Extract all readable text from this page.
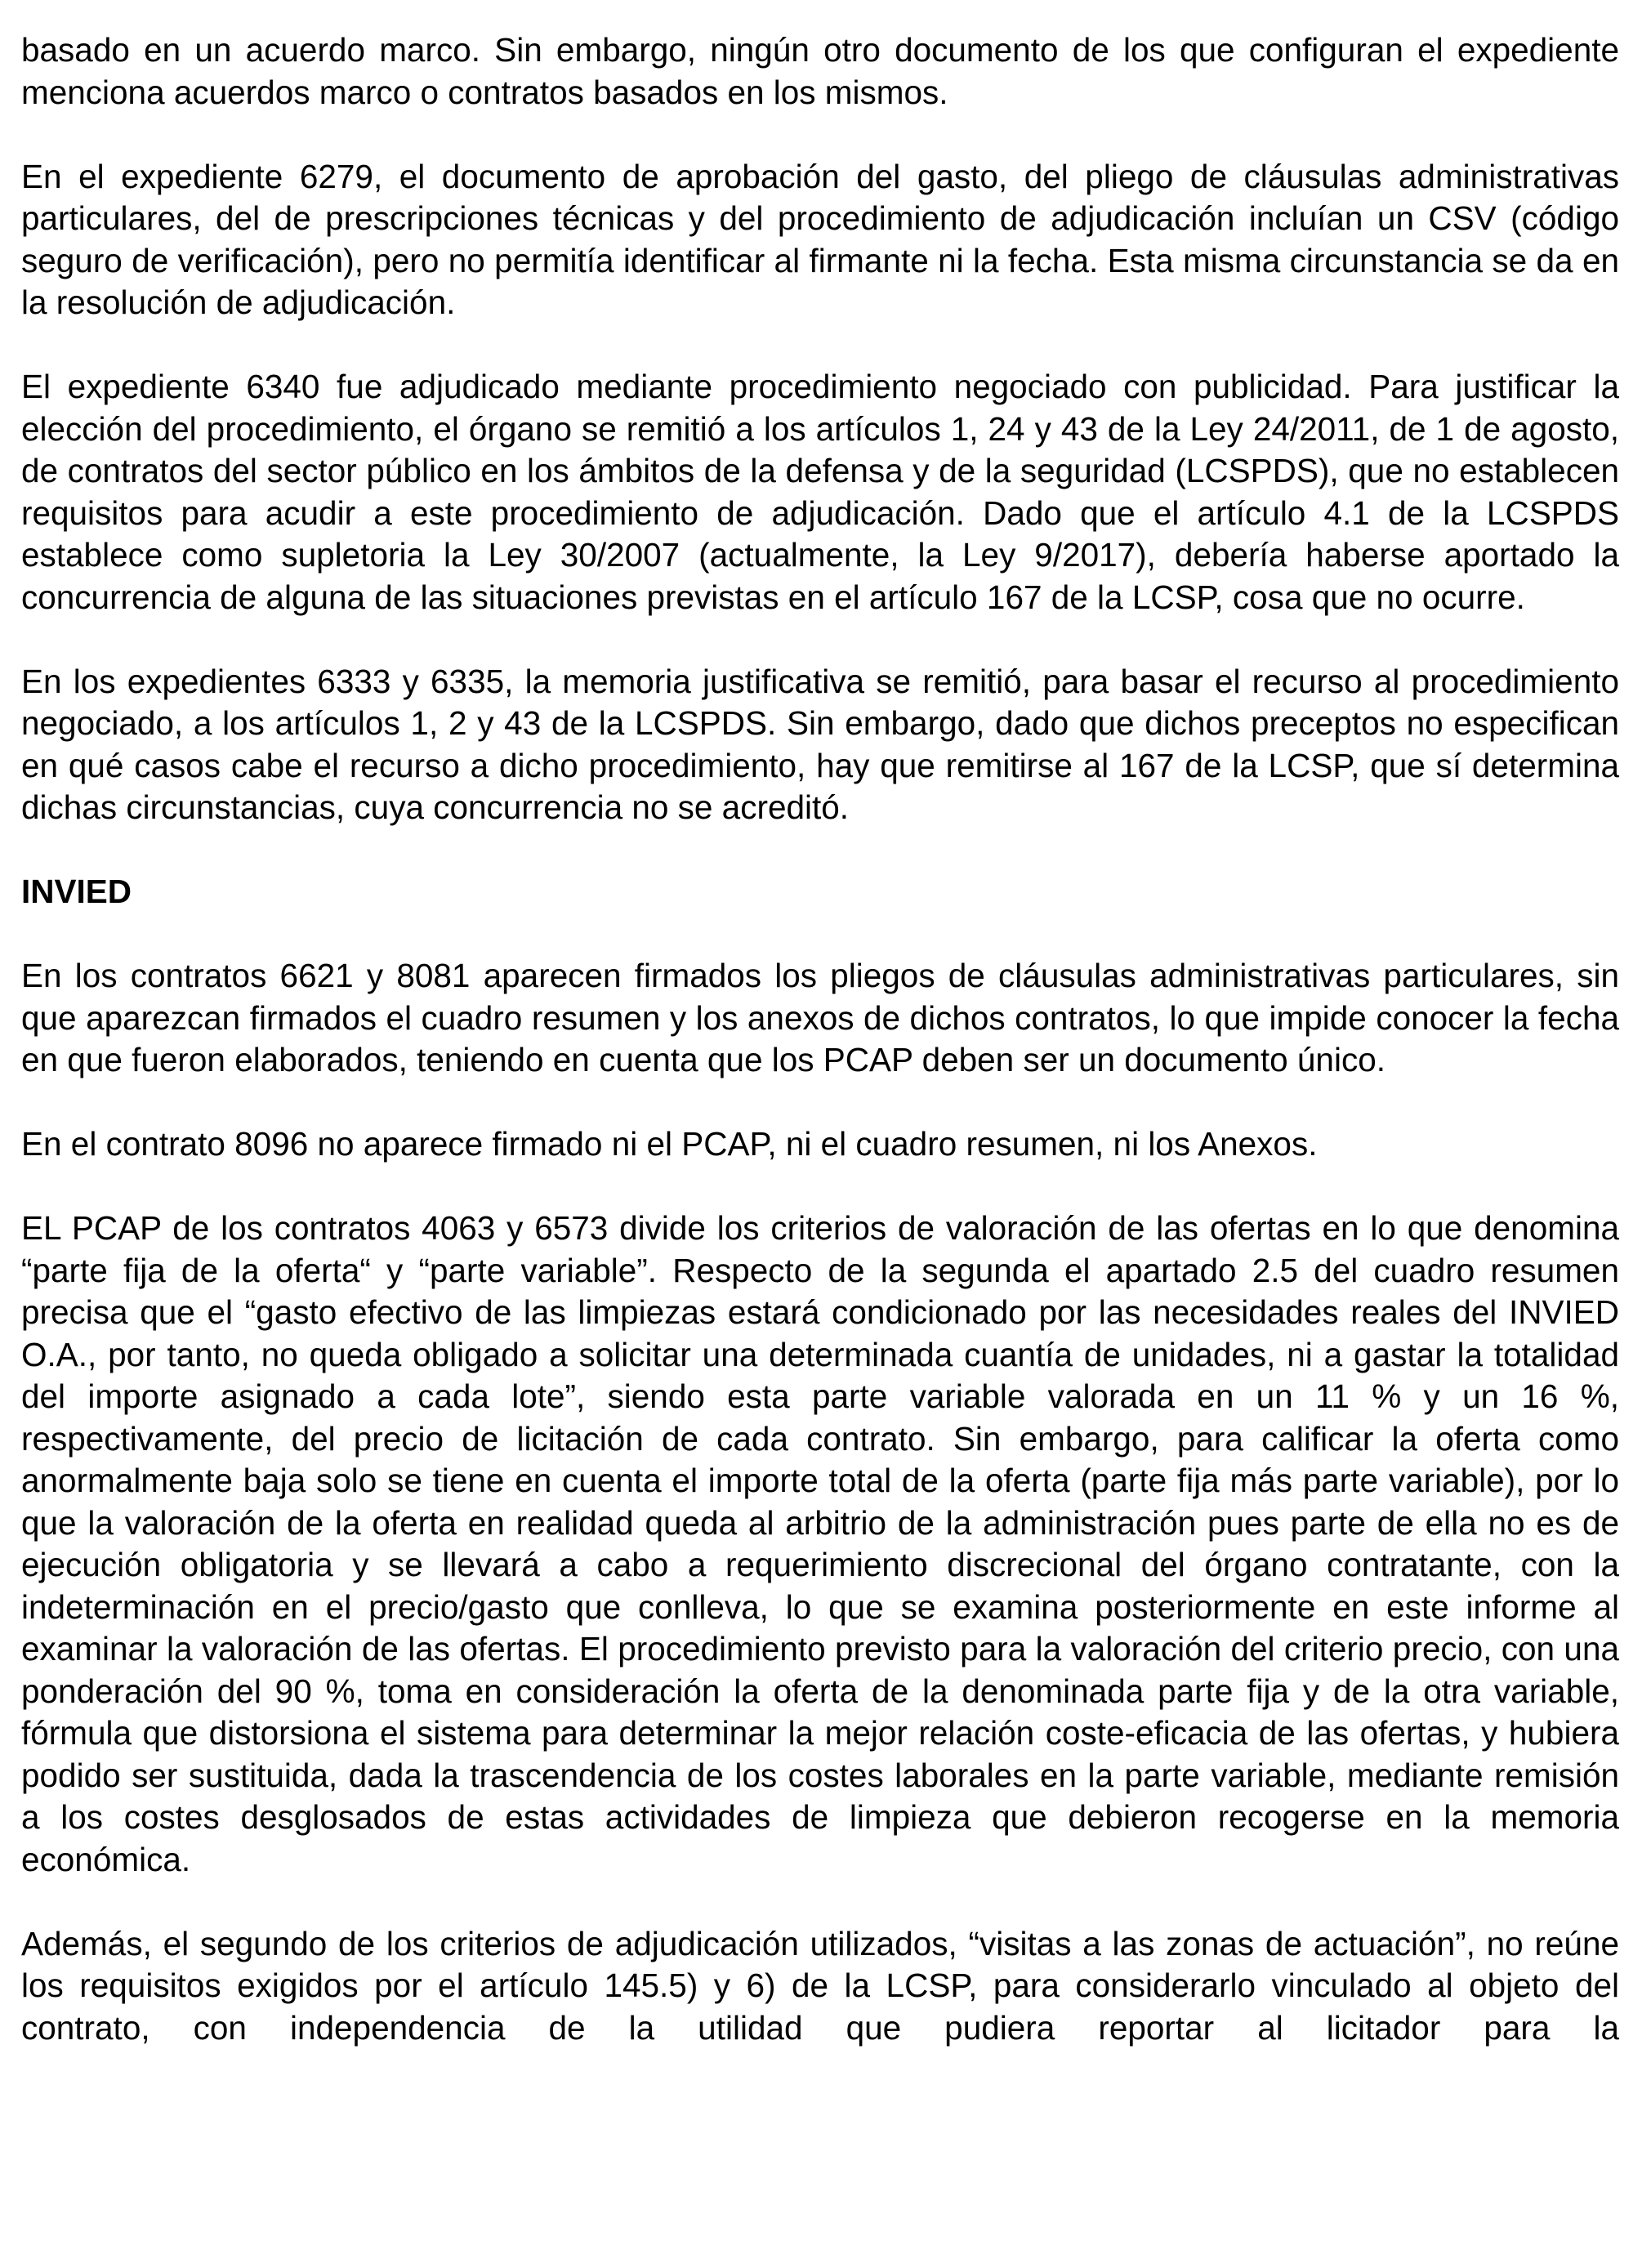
basado en un acuerdo marco. Sin embargo, ningún otro documento de los que configuran el expediente menciona acuerdos marco o contratos basados en los mismos.

En el expediente 6279, el documento de aprobación del gasto, del pliego de cláusulas administrativas particulares, del de prescripciones técnicas y del procedimiento de adjudicación incluían un CSV (código seguro de verificación), pero no permitía identificar al firmante ni la fecha. Esta misma circunstancia se da en la resolución de adjudicación.

El expediente 6340 fue adjudicado mediante procedimiento negociado con publicidad. Para justificar la elección del procedimiento, el órgano se remitió a los artículos 1, 24 y 43 de la Ley 24/2011, de 1 de agosto, de contratos del sector público en los ámbitos de la defensa y de la seguridad (LCSPDS), que no establecen requisitos para acudir a este procedimiento de adjudicación. Dado que el artículo 4.1 de la LCSPDS establece como supletoria la Ley 30/2007 (actualmente, la Ley 9/2017), debería haberse aportado la concurrencia de alguna de las situaciones previstas en el artículo 167 de la LCSP, cosa que no ocurre.

En los expedientes 6333 y 6335, la memoria justificativa se remitió, para basar el recurso al procedimiento negociado, a los artículos 1, 2 y 43 de la LCSPDS. Sin embargo, dado que dichos preceptos no especifican en qué casos cabe el recurso a dicho procedimiento, hay que remitirse al 167 de la LCSP, que sí determina dichas circunstancias, cuya concurrencia no se acreditó.

INVIED

En los contratos 6621 y 8081 aparecen firmados los pliegos de cláusulas administrativas particulares, sin que aparezcan firmados el cuadro resumen y los anexos de dichos contratos, lo que impide conocer la fecha en que fueron elaborados, teniendo en cuenta que los PCAP deben ser un documento único.

En el contrato 8096 no aparece firmado ni el PCAP, ni el cuadro resumen, ni los Anexos.

EL PCAP de los contratos 4063 y 6573 divide los criterios de valoración de las ofertas en lo que denomina “parte fija de la oferta“ y “parte variable”. Respecto de la segunda el apartado 2.5 del cuadro resumen precisa que el “gasto efectivo de las limpiezas estará condicionado por las necesidades reales del INVIED O.A., por tanto, no queda obligado a solicitar una determinada cuantía de unidades, ni a gastar la totalidad del importe asignado a cada lote”, siendo esta parte variable valorada en un 11 % y un 16 %, respectivamente, del precio de licitación de cada contrato. Sin embargo, para calificar la oferta como anormalmente baja solo se tiene en cuenta el importe total de la oferta (parte fija más parte variable), por lo que la valoración de la oferta en realidad queda al arbitrio de la administración pues parte de ella no es de ejecución obligatoria y se llevará a cabo a requerimiento discrecional del órgano contratante, con la indeterminación en el precio/gasto que conlleva, lo que se examina posteriormente en este informe al examinar la valoración de las ofertas. El procedimiento previsto para la valoración del criterio precio, con una ponderación del 90 %, toma en consideración la oferta de la denominada parte fija y de la otra variable, fórmula que distorsiona el sistema para determinar la mejor relación coste-eficacia de las ofertas, y hubiera podido ser sustituida, dada la trascendencia de los costes laborales en la parte variable, mediante remisión a los costes desglosados de estas actividades de limpieza que debieron recogerse en la memoria económica.

Además, el segundo de los criterios de adjudicación utilizados, “visitas a las zonas de actuación”, no reúne los requisitos exigidos por el artículo 145.5) y 6) de la LCSP, para considerarlo vinculado al objeto del contrato, con independencia de la utilidad que pudiera reportar al licitador para la
